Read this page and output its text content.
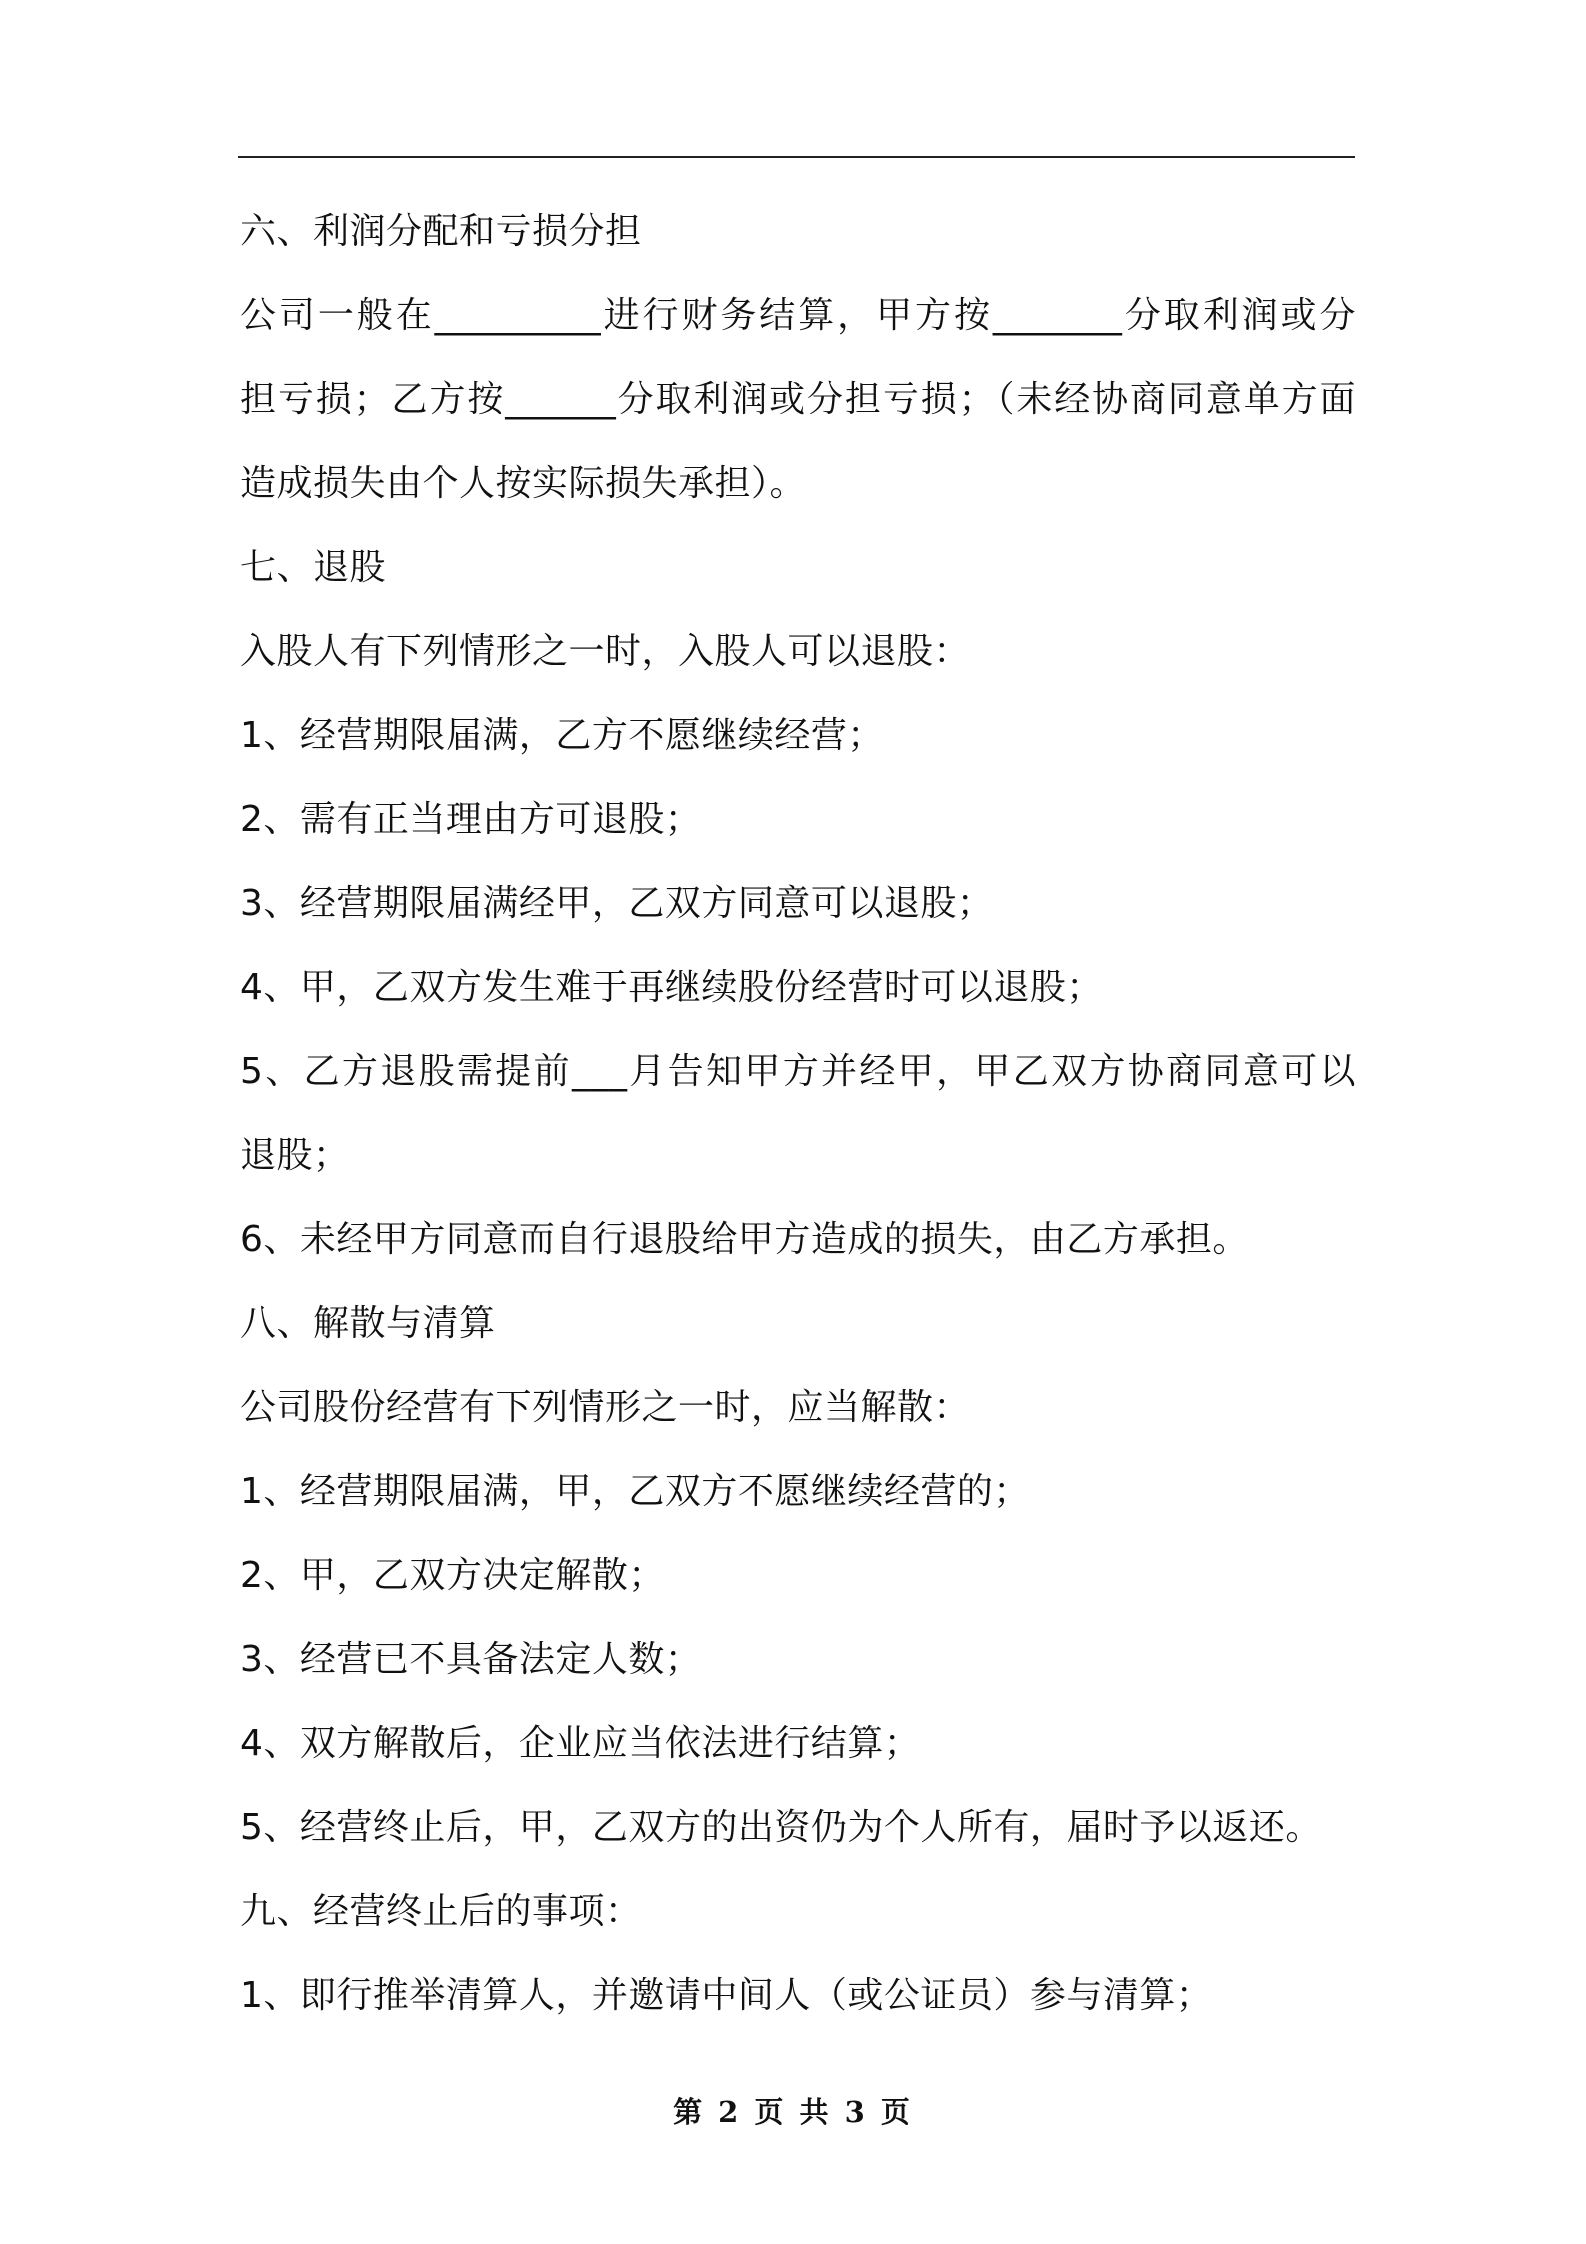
六、利润分配和亏损分担
公司一般在_________进行财务结算，甲方按_______分取利润或分
担亏损；乙方按______分取利润或分担亏损；（未经协商同意单方面
造成损失由个人按实际损失承担）。
七、退股
入股人有下列情形之一时，入股人可以退股：
1、经营期限届满，乙方不愿继续经营；
2、需有正当理由方可退股；
3、经营期限届满经甲，乙双方同意可以退股；
4、甲，乙双方发生难于再继续股份经营时可以退股；
5、乙方退股需提前___月告知甲方并经甲，甲乙双方协商同意可以
退股；
6、未经甲方同意而自行退股给甲方造成的损失，由乙方承担。
八、解散与清算
公司股份经营有下列情形之一时，应当解散：
1、经营期限届满，甲，乙双方不愿继续经营的；
2、甲，乙双方决定解散；
3、经营已不具备法定人数；
4、双方解散后，企业应当依法进行结算；
5、经营终止后，甲，乙双方的出资仍为个人所有，届时予以返还。
九、经营终止后的事项：
1、即行推举清算人，并邀请中间人（或公证员）参与清算；
第 2 页 共 3 页
